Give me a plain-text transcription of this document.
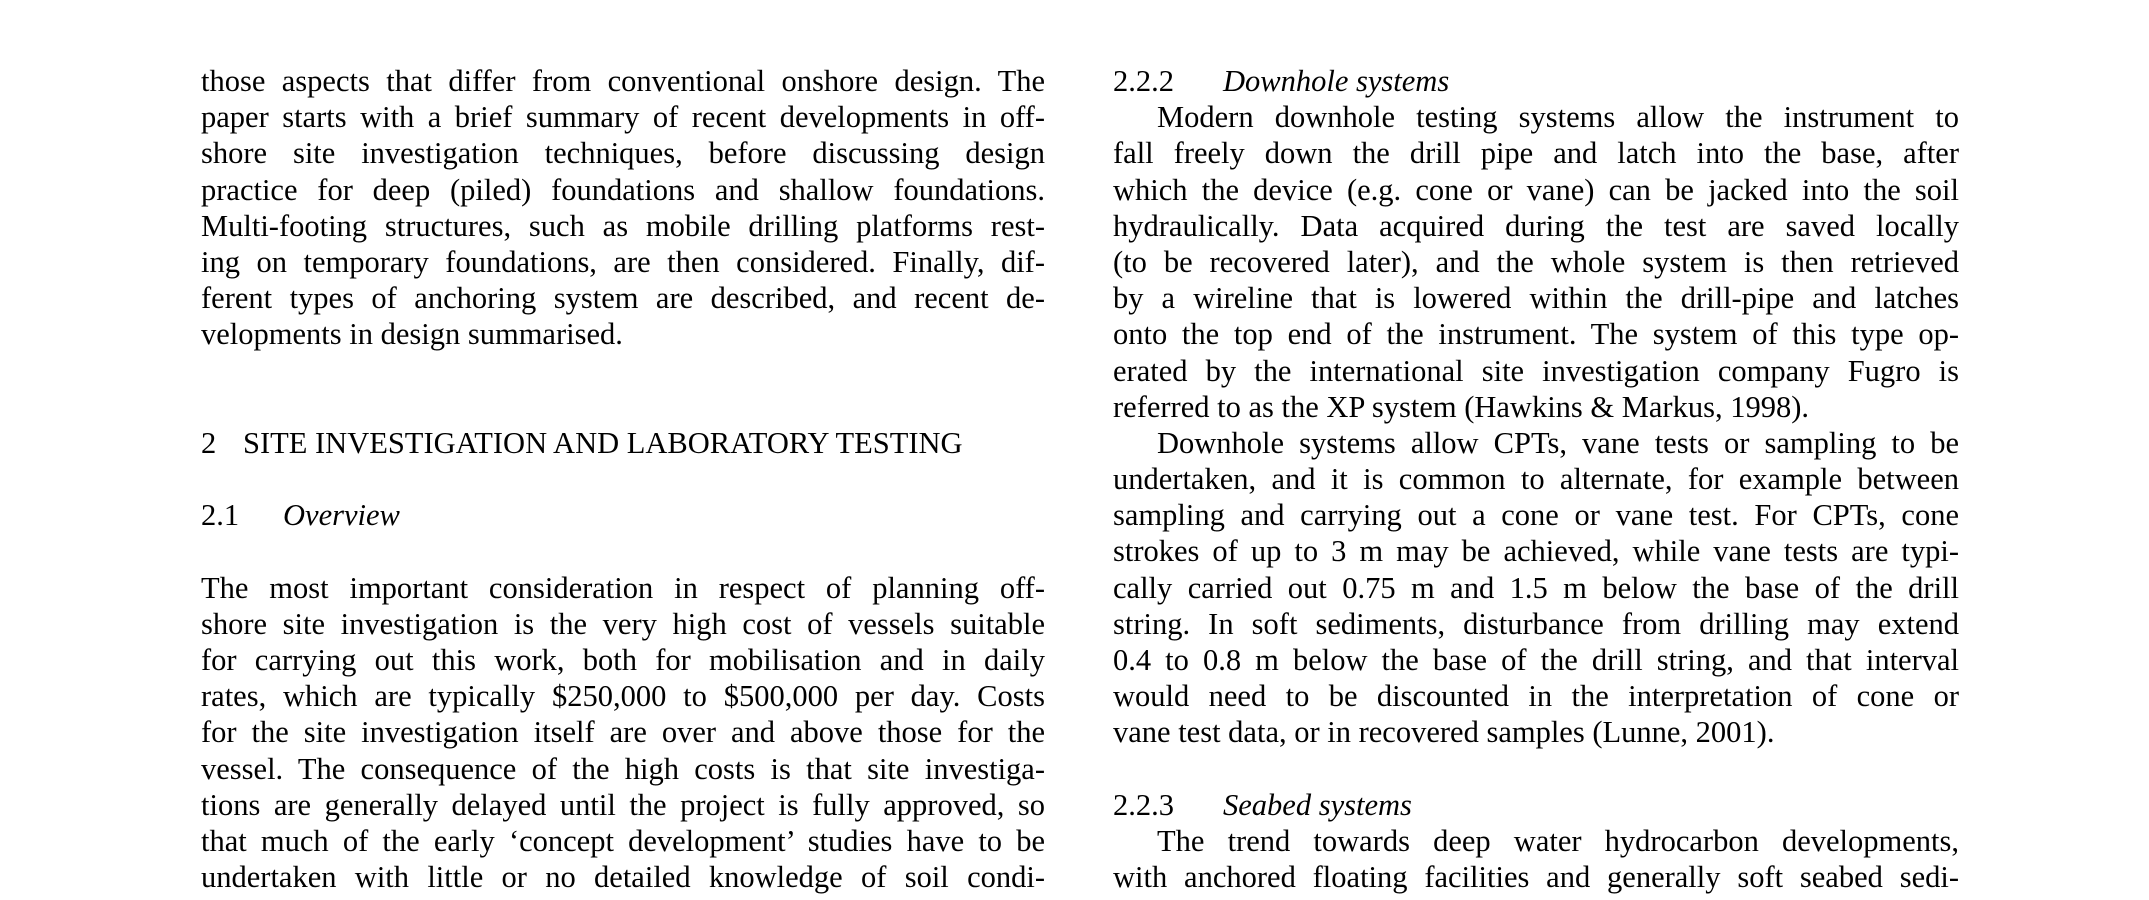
those aspects that differ from conventional onshore design. The
paper starts with a brief summary of recent developments in off-
shore site investigation techniques, before discussing design
practice for deep (piled) foundations and shallow foundations.
Multi-footing structures, such as mobile drilling platforms rest-
ing on temporary foundations, are then considered. Finally, dif-
ferent types of anchoring system are described, and recent de-
velopments in design summarised.
2 SITE INVESTIGATION AND LABORATORY TESTING
2.1 Overview
The most important consideration in respect of planning off-
shore site investigation is the very high cost of vessels suitable
for carrying out this work, both for mobilisation and in daily
rates, which are typically $250,000 to $500,000 per day. Costs
for the site investigation itself are over and above those for the
vessel. The consequence of the high costs is that site investiga-
tions are generally delayed until the project is fully approved, so
that much of the early ‘concept development’ studies have to be
undertaken with little or no detailed knowledge of soil condi-
2.2.2 Downhole systems
Modern downhole testing systems allow the instrument to
fall freely down the drill pipe and latch into the base, after
which the device (e.g. cone or vane) can be jacked into the soil
hydraulically. Data acquired during the test are saved locally
(to be recovered later), and the whole system is then retrieved
by a wireline that is lowered within the drill-pipe and latches
onto the top end of the instrument. The system of this type op-
erated by the international site investigation company Fugro is
referred to as the XP system (Hawkins & Markus, 1998).
Downhole systems allow CPTs, vane tests or sampling to be
undertaken, and it is common to alternate, for example between
sampling and carrying out a cone or vane test. For CPTs, cone
strokes of up to 3 m may be achieved, while vane tests are typi-
cally carried out 0.75 m and 1.5 m below the base of the drill
string. In soft sediments, disturbance from drilling may extend
0.4 to 0.8 m below the base of the drill string, and that interval
would need to be discounted in the interpretation of cone or
vane test data, or in recovered samples (Lunne, 2001).
2.2.3 Seabed systems
The trend towards deep water hydrocarbon developments,
with anchored floating facilities and generally soft seabed sedi-
